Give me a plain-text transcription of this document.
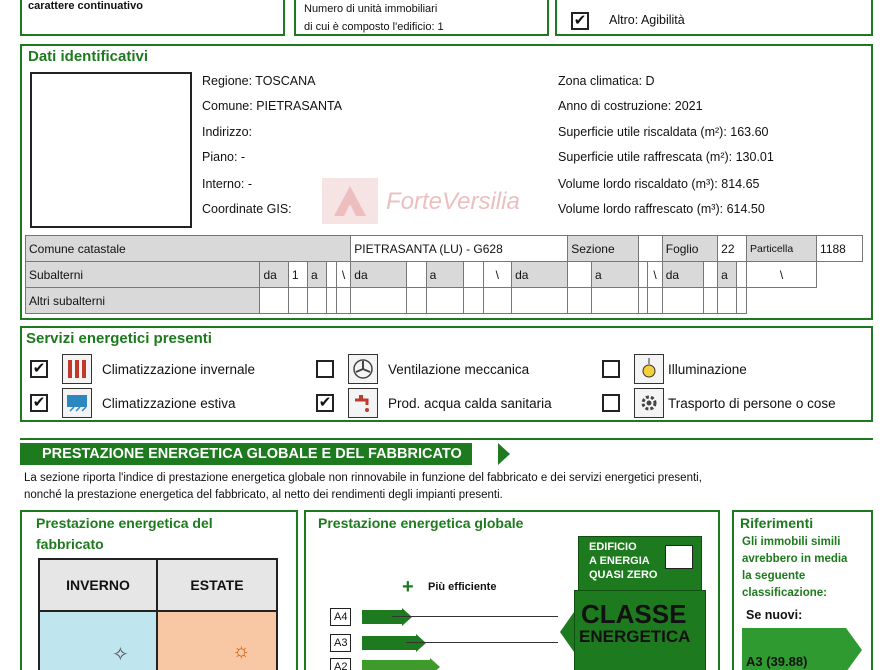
carattere continuativo	Numero di unità immobiliari
di cui è composto l'edificio: 1	✔ Altro: Agibilità
Dati identificativi
Regione: TOSCANA
Comune: PIETRASANTA
Indirizzo:
Piano: -
Interno: -
Coordinate GIS:
Zona climatica: D
Anno di costruzione: 2021
Superficie utile riscaldata (m²): 163.60
Superficie utile raffrescata (m²): 130.01
Volume lordo riscaldato (m³): 814.65
Volume lordo raffrescato (m³): 614.50
ForteVersilia
Comune catastale						PIETRASANTA (LU) - G628						Sezione				Foglio		22		Particella	1188
Subalterni	da	1	a		\	da		a		\	da		a		\	da		a		\	
Altri subalterni																					
Servizi energetici presenti
✔	Climatizzazione invernale	Ventilazione meccanica	Illuminazione
✔	Climatizzazione estiva	✔	Prod. acqua calda sanitaria	Trasporto di persone o cose
PRESTAZIONE ENERGETICA GLOBALE E DEL FABBRICATO
La sezione riporta l'indice di prestazione energetica globale non rinnovabile in funzione del fabbricato e dei servizi energetici presenti,
nonché la prestazione energetica del fabbricato, al netto dei rendimenti degli impianti presenti.
Prestazione energetica del
fabbricato
INVERNO	ESTATE
✧	☼
Prestazione energetica globale
+ Più efficiente
A4
A3
A2
EDIFICIO
A ENERGIA
QUASI ZERO
CLASSE
ENERGETICA
Riferimenti
Gli immobili simili
avrebbero in media
la seguente
classificazione:
Se nuovi:
A3 (39.88)
